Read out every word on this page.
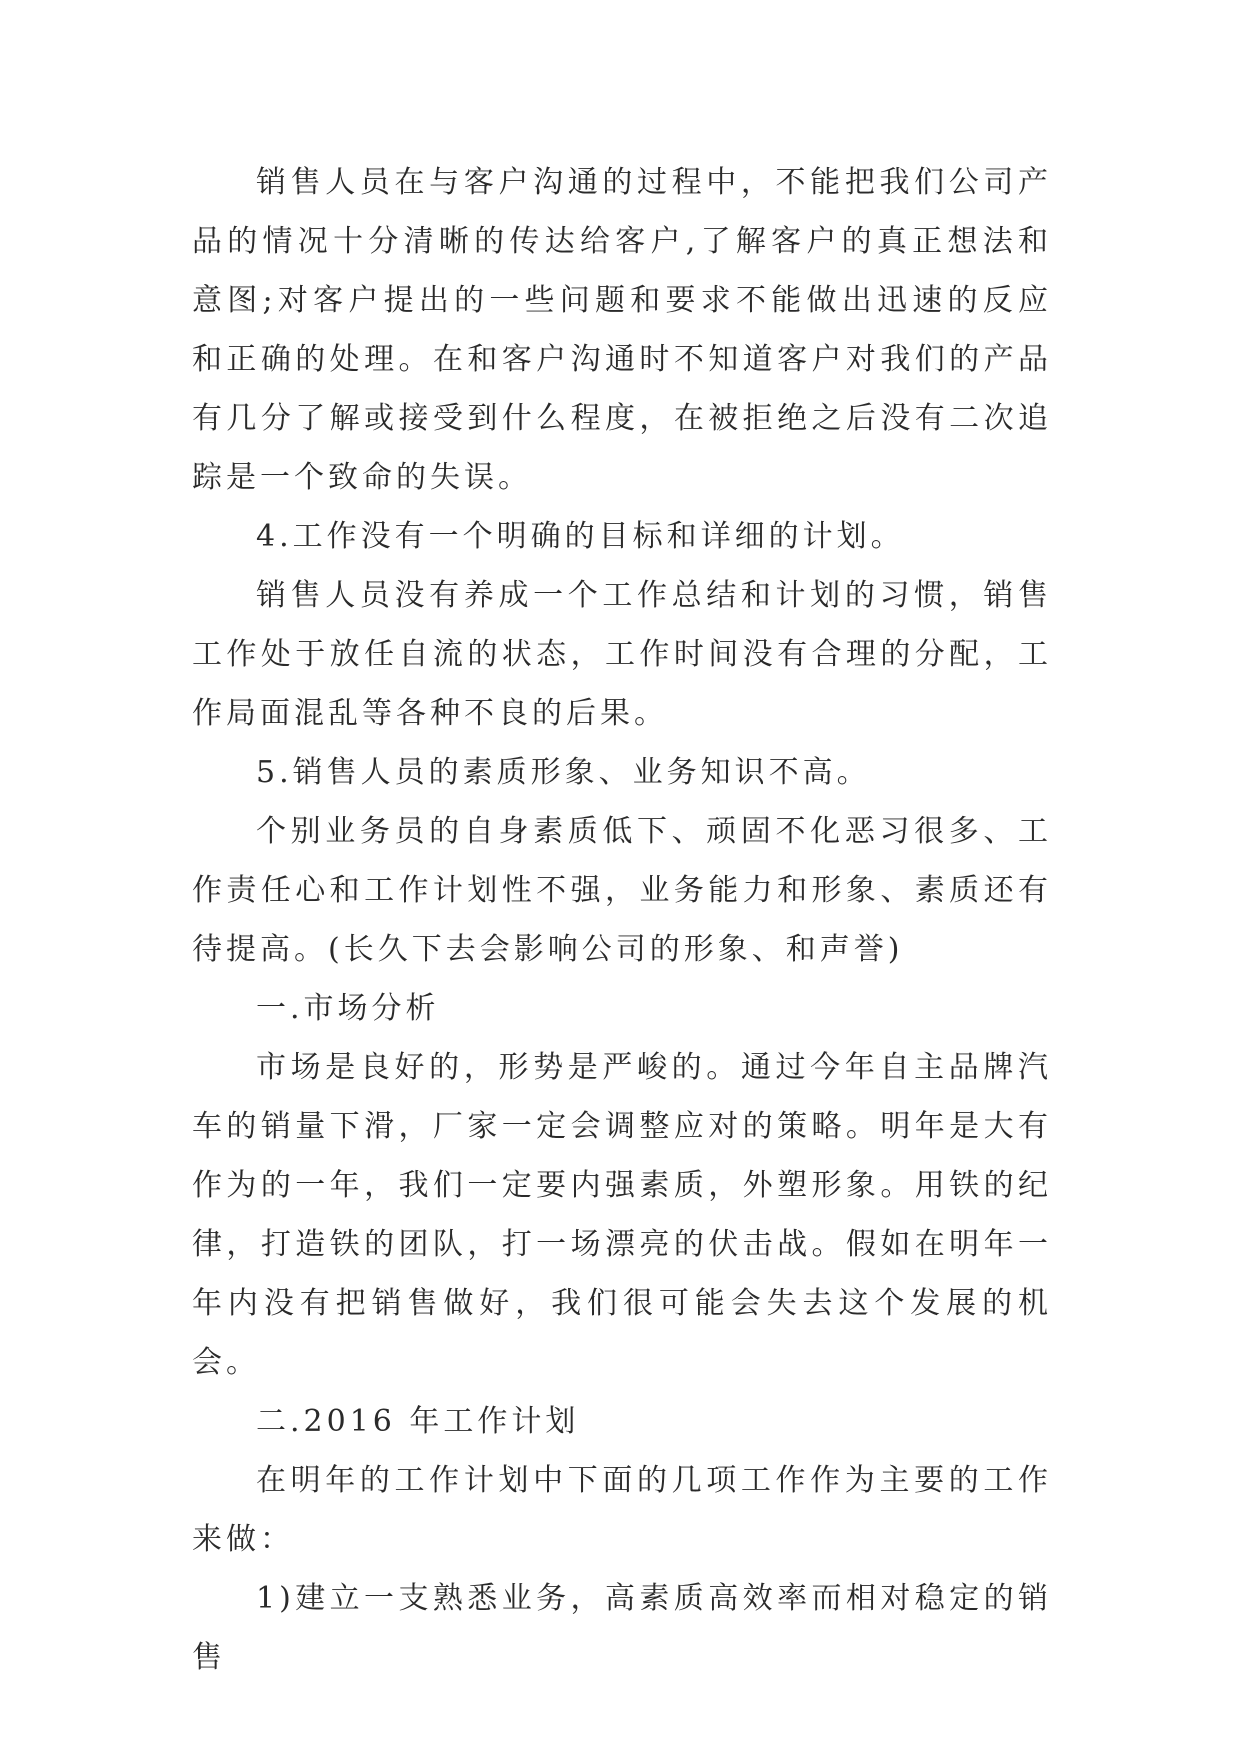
销售人员在与客户沟通的过程中，不能把我们公司产品的情况十分清晰的传达给客户,了解客户的真正想法和意图;对客户提出的一些问题和要求不能做出迅速的反应和正确的处理。在和客户沟通时不知道客户对我们的产品有几分了解或接受到什么程度，在被拒绝之后没有二次追踪是一个致命的失误。

4.工作没有一个明确的目标和详细的计划。

销售人员没有养成一个工作总结和计划的习惯，销售工作处于放任自流的状态，工作时间没有合理的分配，工作局面混乱等各种不良的后果。

5.销售人员的素质形象、业务知识不高。

个别业务员的自身素质低下、顽固不化恶习很多、工作责任心和工作计划性不强，业务能力和形象、素质还有待提高。(长久下去会影响公司的形象、和声誉)

一.市场分析

市场是良好的，形势是严峻的。通过今年自主品牌汽车的销量下滑，厂家一定会调整应对的策略。明年是大有作为的一年，我们一定要内强素质，外塑形象。用铁的纪律，打造铁的团队，打一场漂亮的伏击战。假如在明年一年内没有把销售做好，我们很可能会失去这个发展的机会。

二.2016 年工作计划

在明年的工作计划中下面的几项工作作为主要的工作来做：

1)建立一支熟悉业务，高素质高效率而相对稳定的销售
